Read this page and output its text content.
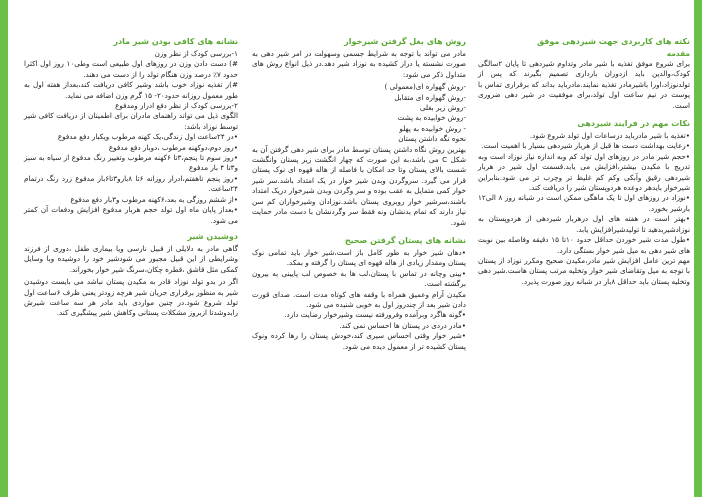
نکته های کاربردی جهت شیردهی موفق
مقدمه

برای شروع موفق تغذیه با شیر مادر وتداوم شیردهی تا پایان ۲سالگی کودک،والدین باید ازدوران بارداری تصمیم بگیرند که پس از تولدنوزاد،اورا باشیرمادر تغذیه نمایند.مادرباید بداند که برقراری تماس با پوست در نیم ساعت اول تولد،برای موفقیت در شیر دهی ضروری است.

نکات مهم در فرایند شیردهی

•تغذیه با شیر مادرباید درساعات اول تولد شروع شود.

•رعایت بهداشت دست ها قبل از هربار شیردهی بسیار با اهمیت است.

•حجم شیر مادر در روزهای اول تولد کم وبه اندازه نیاز نوزاد است وبه تدریج با مکیدن بیشتر،افزایش می یابد.قسمت اول شیر در هربار شیردهی رقیق وآبکی وکم کم غلیظ تر وچرب تر می شود.بنابراین شیرخوار بایدهر دوعده هردوپستان شیر را دریافت کند.

•نوزاد در روزهای اول تا یک ماهگی ممکن است در شبانه روز ۸ الی۱۲ بارشیر بخورد.

•بهتر است در هفته های اول درهربار شیردهی از هردوپستان به نوزادشیربدهید تا تولیدشیرافزایش یابد.

•طول مدت شیر خوردن حداقل حدود ۱۰تا ۱۵ دقیقه وفاصله بین نوبت های شیر دهی به میل شیر خوار بستگی دارد.

مهم ترین عامل افزایش شیر مادر،مکیدن صحیح ومکرر نوزاد از پستان با توجه به میل وتقاضای شیر خوار وتخلیه مرتب پستان هاست.شیر دهی وتخلیه پستان باید حداقل ۸بار در شبانه روز صورت پذیرد.

روش های بغل گرفتن شیرخوار

مادر می تواند با توجه به شرایط جسمی وسهولت در امر شیر دهی به صورت نشسته یا دراز کشیده به نوزاد شیر دهد.در ذیل انواع روش های متداول ذکر می شود:

-روش گهواره ای(معمولی )

-روش گهواره ای متقابل

-روش زیر بغلی

-روش خوابیده به پشت

- روش خوابیده به پهلو

نحوه نگه داشتن پستان

بهترین روش نگاه داشتن پستان توسط مادر برای شیر دهی گرفتن آن به شکل C می باشد،به این صورت که چهار انگشت زیر پستان وانگشت شست بالای پستان وتا حد امکان با فاصله از هاله قهوه ای نوک پستان قرار می گیرد. سروگردن وبدن شیر خوار در یک امتداد باشد.سر شیر خوار کمی متمایل به عقب بوده و سر وگردن وبدن شیرخوار دریک امتداد باشند،سرشیر خوار روبروی پستان باشد.نوزادان وشیرخواران کم سن نیاز دارند که تمام بدنشان ونه فقط سر وگردنشان با دست مادر حمایت شود.

نشانه های پستان گرفتن صحیح

•دهان شیر خوار به طور کامل باز است،شیر خوار باید تمامی نوک پستان ومقدار زیادی از هاله قهوه ای پستان را گرفته و بمکد.

•بینی وچانه در تماس با پستان،لب ها به خصوص لب پایینی به بیرون برگشته است.

مکیدن آرام وعمیق همراه با وقفه های کوتاه مدت است. صدای قورت دادن شیر بعد از چندروز اول به خوبی شنیده می شود.

•گونه هاگرد وبرآمده وفرورفته نیست وشیرخوار رضایت دارد.

•مادر دردی در پستان ها احساس نمی کند.

•شیر خوار وقتی احساس سیری کند،خودش پستان را رها کرده ونوک پستان کشیده تر از معمول دیده می شود.

نشانه های کافی بودن شیر مادر

۱-بررسی کودک از نظر وزن

#) دست دادن وزن در روزهای اول طبیعی است وطی۱۰ روز اول اکثرا حدود ۷٪ درصد وزن هنگام تولد را از دست می دهند.

#)ر تغذیه نوزاد خوب باشد وشیر کافی دریافت کند،بعداز هفته اول به طور معمول روزانه حدود۲۰- ۱۵ گرم وزن اضافه می نماید.

۲-بررسی کودک از نظر دفع ادرار ومدفوع

الگوی ذیل می تواند راهنمای مادران برای اطمینان از دریافت کافی شیر توسط نوزاد باشد:

•در ۲۴ساعت اول زندگی،یک کهنه مرطوب ویکبار دفع مدفوع

•روز دوم،دوکهنه مرطوب ،دوبار دفع مدفوع

•روز سوم تا پنجم،۳تا ۶کهنه مرطوب وتغییر رنگ مدفوع از سیاه به سبز و۳تا ۴ بار مدفوع

•روز پنجم تاهفتم،ادرار روزانه ۶تا ۸بارو۳تا۶بار مدفوع زرد رنگ درتمام ۲۴ساعت.

•از ششم روزگی به بعد،۶کهنه مرطوب و۳بار دفع مدفوع

•بعداز پایان ماه اول تولد حجم هربار مدفوع افزایش ودفعات آن کمتر می شود.

دوشیدن شیر

گاهی مادر به دلایلی از قبیل نارسی ویا بیماری طفل ،دوری از فرزند وشرایطی از این قبیل مجبور می شودشیر خود را دوشیده وبا وسایل کمکی مثل قاشق ،قطره چکان،سرنگ شیر خوار بخوراند.

اگر در بدو تولد نوزاد قادر به مکیدن پستان نباشد می بایست دوشیدن شیر به منظور برقراری جریان شیر هرچه زودتر یعنی ظرف ۶ساعت اول تولد شروع شود.در چنین مواردی باید مادر هر سه ساعت شیرش رابدوشدتا ازبروز مشکلات پستانی وکاهش شیر پیشگیری کند.
